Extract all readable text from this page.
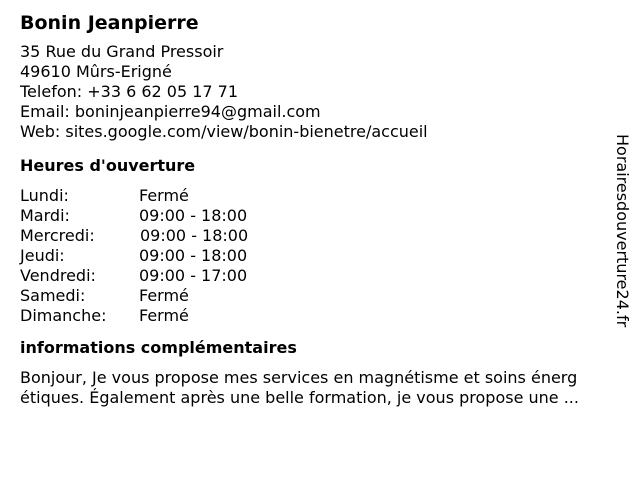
Bonin Jeanpierre
35 Rue du Grand Pressoir
49610 Mûrs-Erigné
Telefon: +33 6 62 05 17 71
Email: boninjeanpierre94@gmail.com
Web: sites.google.com/view/bonin-bienetre/accueil
Heures d'ouverture
Lundi:	Fermé
Mardi:	09:00 - 18:00
Mercredi:	09:00 - 18:00
Jeudi:	09:00 - 18:00
Vendredi:	09:00 - 17:00
Samedi:	Fermé
Dimanche:	Fermé
informations complémentaires
Bonjour, Je vous propose mes services en magnétisme et soins énerg
étiques. Également après une belle formation, je vous propose une ...
Horairesdouverture24.fr
